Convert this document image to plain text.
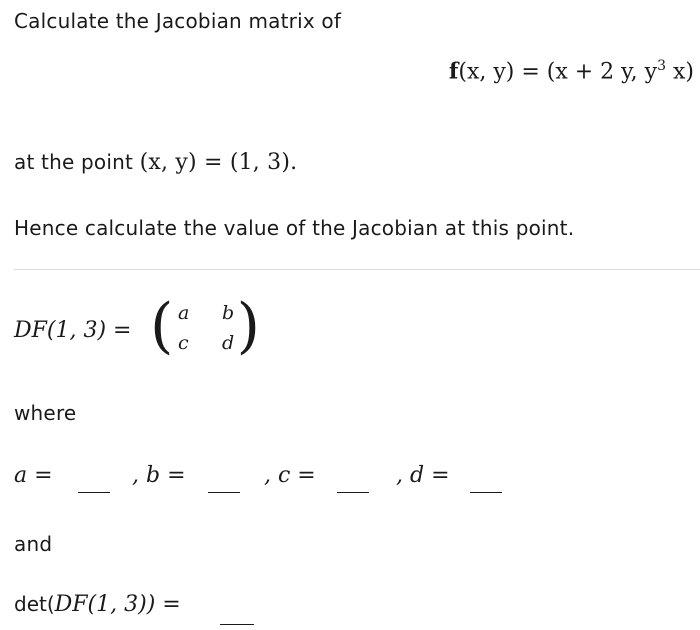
Calculate the Jacobian matrix of
f(x, y) = (x + 2 y, $y^3$ x)
at the point (x, y) = (1, 3).
Hence calculate the value of the Jacobian at this point.
DF(1, 3) = ( a b
c d )
where
a =	, b =	, c =	, d =
and
det(DF(1, 3)) =
